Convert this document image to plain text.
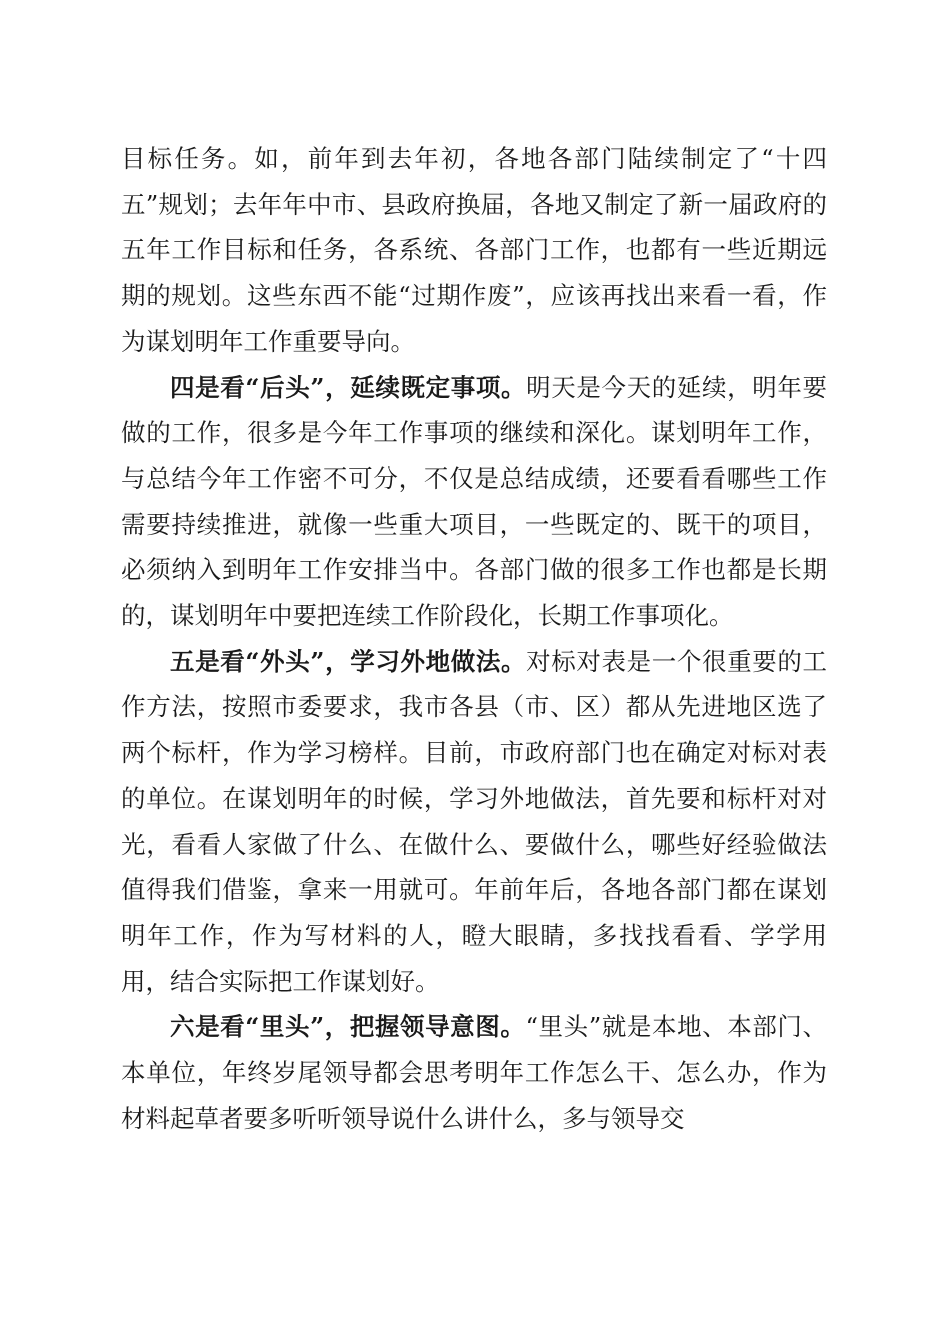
目标任务。如，前年到去年初，各地各部门陆续制定了“十四五”规划；去年年中市、县政府换届，各地又制定了新一届政府的五年工作目标和任务，各系统、各部门工作，也都有一些近期远期的规划。这些东西不能“过期作废”，应该再找出来看一看，作为谋划明年工作重要导向。

四是看“后头”，延续既定事项。明天是今天的延续，明年要做的工作，很多是今年工作事项的继续和深化。谋划明年工作，与总结今年工作密不可分，不仅是总结成绩，还要看看哪些工作需要持续推进，就像一些重大项目，一些既定的、既干的项目，必须纳入到明年工作安排当中。各部门做的很多工作也都是长期的，谋划明年中要把连续工作阶段化，长期工作事项化。

五是看“外头”，学习外地做法。对标对表是一个很重要的工作方法，按照市委要求，我市各县（市、区）都从先进地区选了两个标杆，作为学习榜样。目前，市政府部门也在确定对标对表的单位。在谋划明年的时候，学习外地做法，首先要和标杆对对光，看看人家做了什么、在做什么、要做什么，哪些好经验做法值得我们借鉴，拿来一用就可。年前年后，各地各部门都在谋划明年工作，作为写材料的人，瞪大眼睛，多找找看看、学学用用，结合实际把工作谋划好。

六是看“里头”，把握领导意图。“里头”就是本地、本部门、本单位，年终岁尾领导都会思考明年工作怎么干、怎么办，作为材料起草者要多听听领导说什么讲什么，多与领导交
